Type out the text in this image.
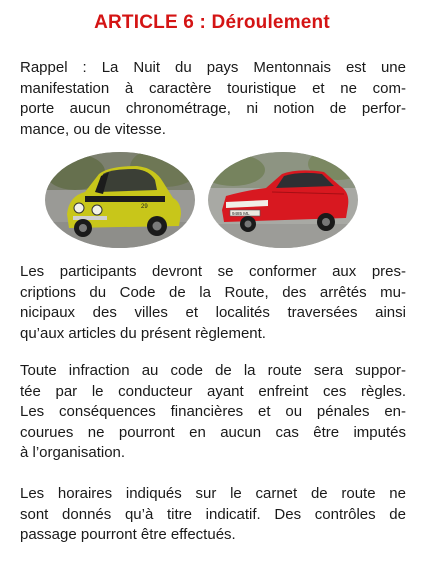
ARTICLE 6 : Déroulement
Rappel : La Nuit du pays Mentonnais est une
manifestation à caractère touristique et ne com-
porte aucun chronométrage, ni notion de perfor-
mance, ou de vitesse.
29
9485 ML
Les participants devront se conformer aux pres-
criptions du Code de la Route, des arrêtés mu-
nicipaux des villes et localités traversées ainsi
qu’aux articles du présent règlement.
Toute infraction au code de la route sera suppor-
tée par le conducteur ayant enfreint ces règles.
Les conséquences financières et ou pénales en-
courues ne pourront en aucun cas être imputés
à l’organisation.
Les horaires indiqués sur le carnet de route ne
sont donnés qu’à titre indicatif. Des contrôles de
passage pourront être effectués.
